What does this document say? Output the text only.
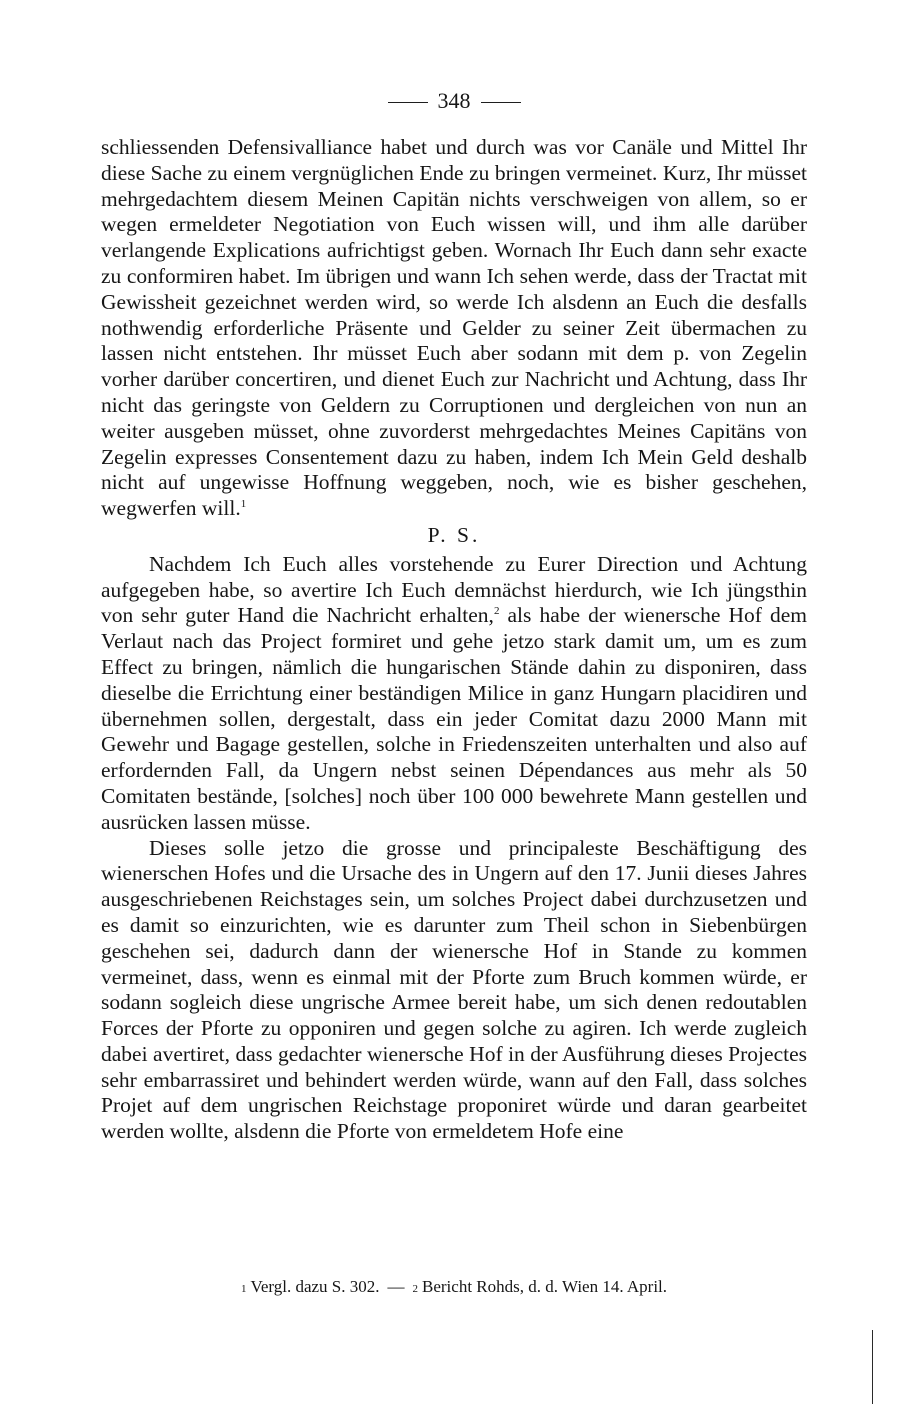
348

schliessenden Defensivalliance habet und durch was vor Canäle und Mittel Ihr diese Sache zu einem vergnüglichen Ende zu bringen vermeinet. Kurz, Ihr müsset mehrgedachtem diesem Meinen Capitän nichts verschweigen von allem, so er wegen ermeldeter Negotiation von Euch wissen will, und ihm alle darüber verlangende Explications aufrichtigst geben. Wornach Ihr Euch dann sehr exacte zu conformiren habet. Im übrigen und wann Ich sehen werde, dass der Tractat mit Gewissheit gezeichnet werden wird, so werde Ich alsdenn an Euch die desfalls nothwendig erforderliche Präsente und Gelder zu seiner Zeit übermachen zu lassen nicht entstehen. Ihr müsset Euch aber sodann mit dem p. von Zegelin vorher darüber concertiren, und dienet Euch zur Nachricht und Achtung, dass Ihr nicht das geringste von Geldern zu Corruptionen und dergleichen von nun an weiter ausgeben müsset, ohne zuvorderst mehrgedachtes Meines Capitäns von Zegelin expresses Consentement dazu zu haben, indem Ich Mein Geld deshalb nicht auf ungewisse Hoffnung weggeben, noch, wie es bisher geschehen, wegwerfen will.$^1$

P. S.

Nachdem Ich Euch alles vorstehende zu Eurer Direction und Achtung aufgegeben habe, so avertire Ich Euch demnächst hierdurch, wie Ich jüngsthin von sehr guter Hand die Nachricht erhalten,$^2$ als habe der wienersche Hof dem Verlaut nach das Project formiret und gehe jetzo stark damit um, um es zum Effect zu bringen, nämlich die hungarischen Stände dahin zu disponiren, dass dieselbe die Errichtung einer beständigen Milice in ganz Hungarn placidiren und übernehmen sollen, dergestalt, dass ein jeder Comitat dazu 2000 Mann mit Gewehr und Bagage gestellen, solche in Friedenszeiten unterhalten und also auf erfordernden Fall, da Ungern nebst seinen Dépendances aus mehr als 50 Comitaten bestände, [solches] noch über 100 000 bewehrete Mann gestellen und ausrücken lassen müsse.

Dieses solle jetzo die grosse und principaleste Beschäftigung des wienerschen Hofes und die Ursache des in Ungern auf den 17. Junii dieses Jahres ausgeschriebenen Reichstages sein, um solches Project dabei durchzusetzen und es damit so einzurichten, wie es darunter zum Theil schon in Siebenbürgen geschehen sei, dadurch dann der wienersche Hof in Stande zu kommen vermeinet, dass, wenn es einmal mit der Pforte zum Bruch kommen würde, er sodann sogleich diese ungrische Armee bereit habe, um sich denen redoutablen Forces der Pforte zu opponiren und gegen solche zu agiren. Ich werde zugleich dabei avertiret, dass gedachter wienersche Hof in der Ausführung dieses Projectes sehr embarrassiret und behindert werden würde, wann auf den Fall, dass solches Projet auf dem ungrischen Reichstage proponiret würde und daran gearbeitet werden wollte, alsdenn die Pforte von ermeldetem Hofe eine

1 Vergl. dazu S. 302. — 2 Bericht Rohds, d. d. Wien 14. April.
